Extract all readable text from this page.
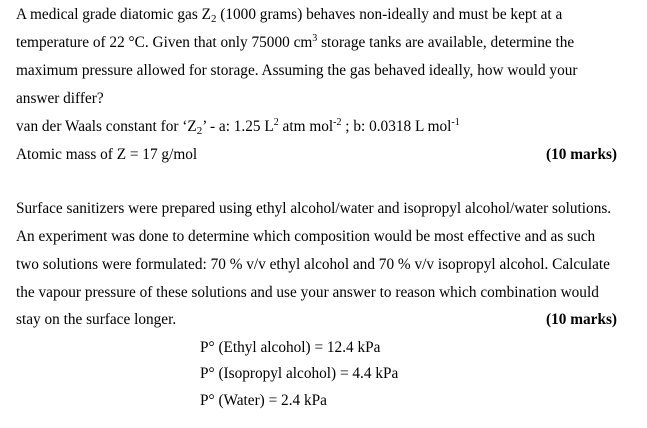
A medical grade diatomic gas $Z_2$ (1000 grams) behaves non-ideally and must be kept at a
temperature of 22 °C. Given that only 75000 $cm^3$ storage tanks are available, determine the
maximum pressure allowed for storage. Assuming the gas behaved ideally, how would your
answer differ?
van der Waals constant for ‘$Z_2$’ - a: 1.25 $L^2$ atm mol$^{-2}$ ; b: 0.0318 L mol$^{-1}$
Atomic mass of Z = 17 g/mol	(10 marks)
Surface sanitizers were prepared using ethyl alcohol/water and isopropyl alcohol/water solutions.
An experiment was done to determine which composition would be most effective and as such
two solutions were formulated: 70 % v/v ethyl alcohol and 70 % v/v isopropyl alcohol. Calculate
the vapour pressure of these solutions and use your answer to reason which combination would
stay on the surface longer.	(10 marks)
P° (Ethyl alcohol) = 12.4 kPa
P° (Isopropyl alcohol) = 4.4 kPa
P° (Water) = 2.4 kPa
